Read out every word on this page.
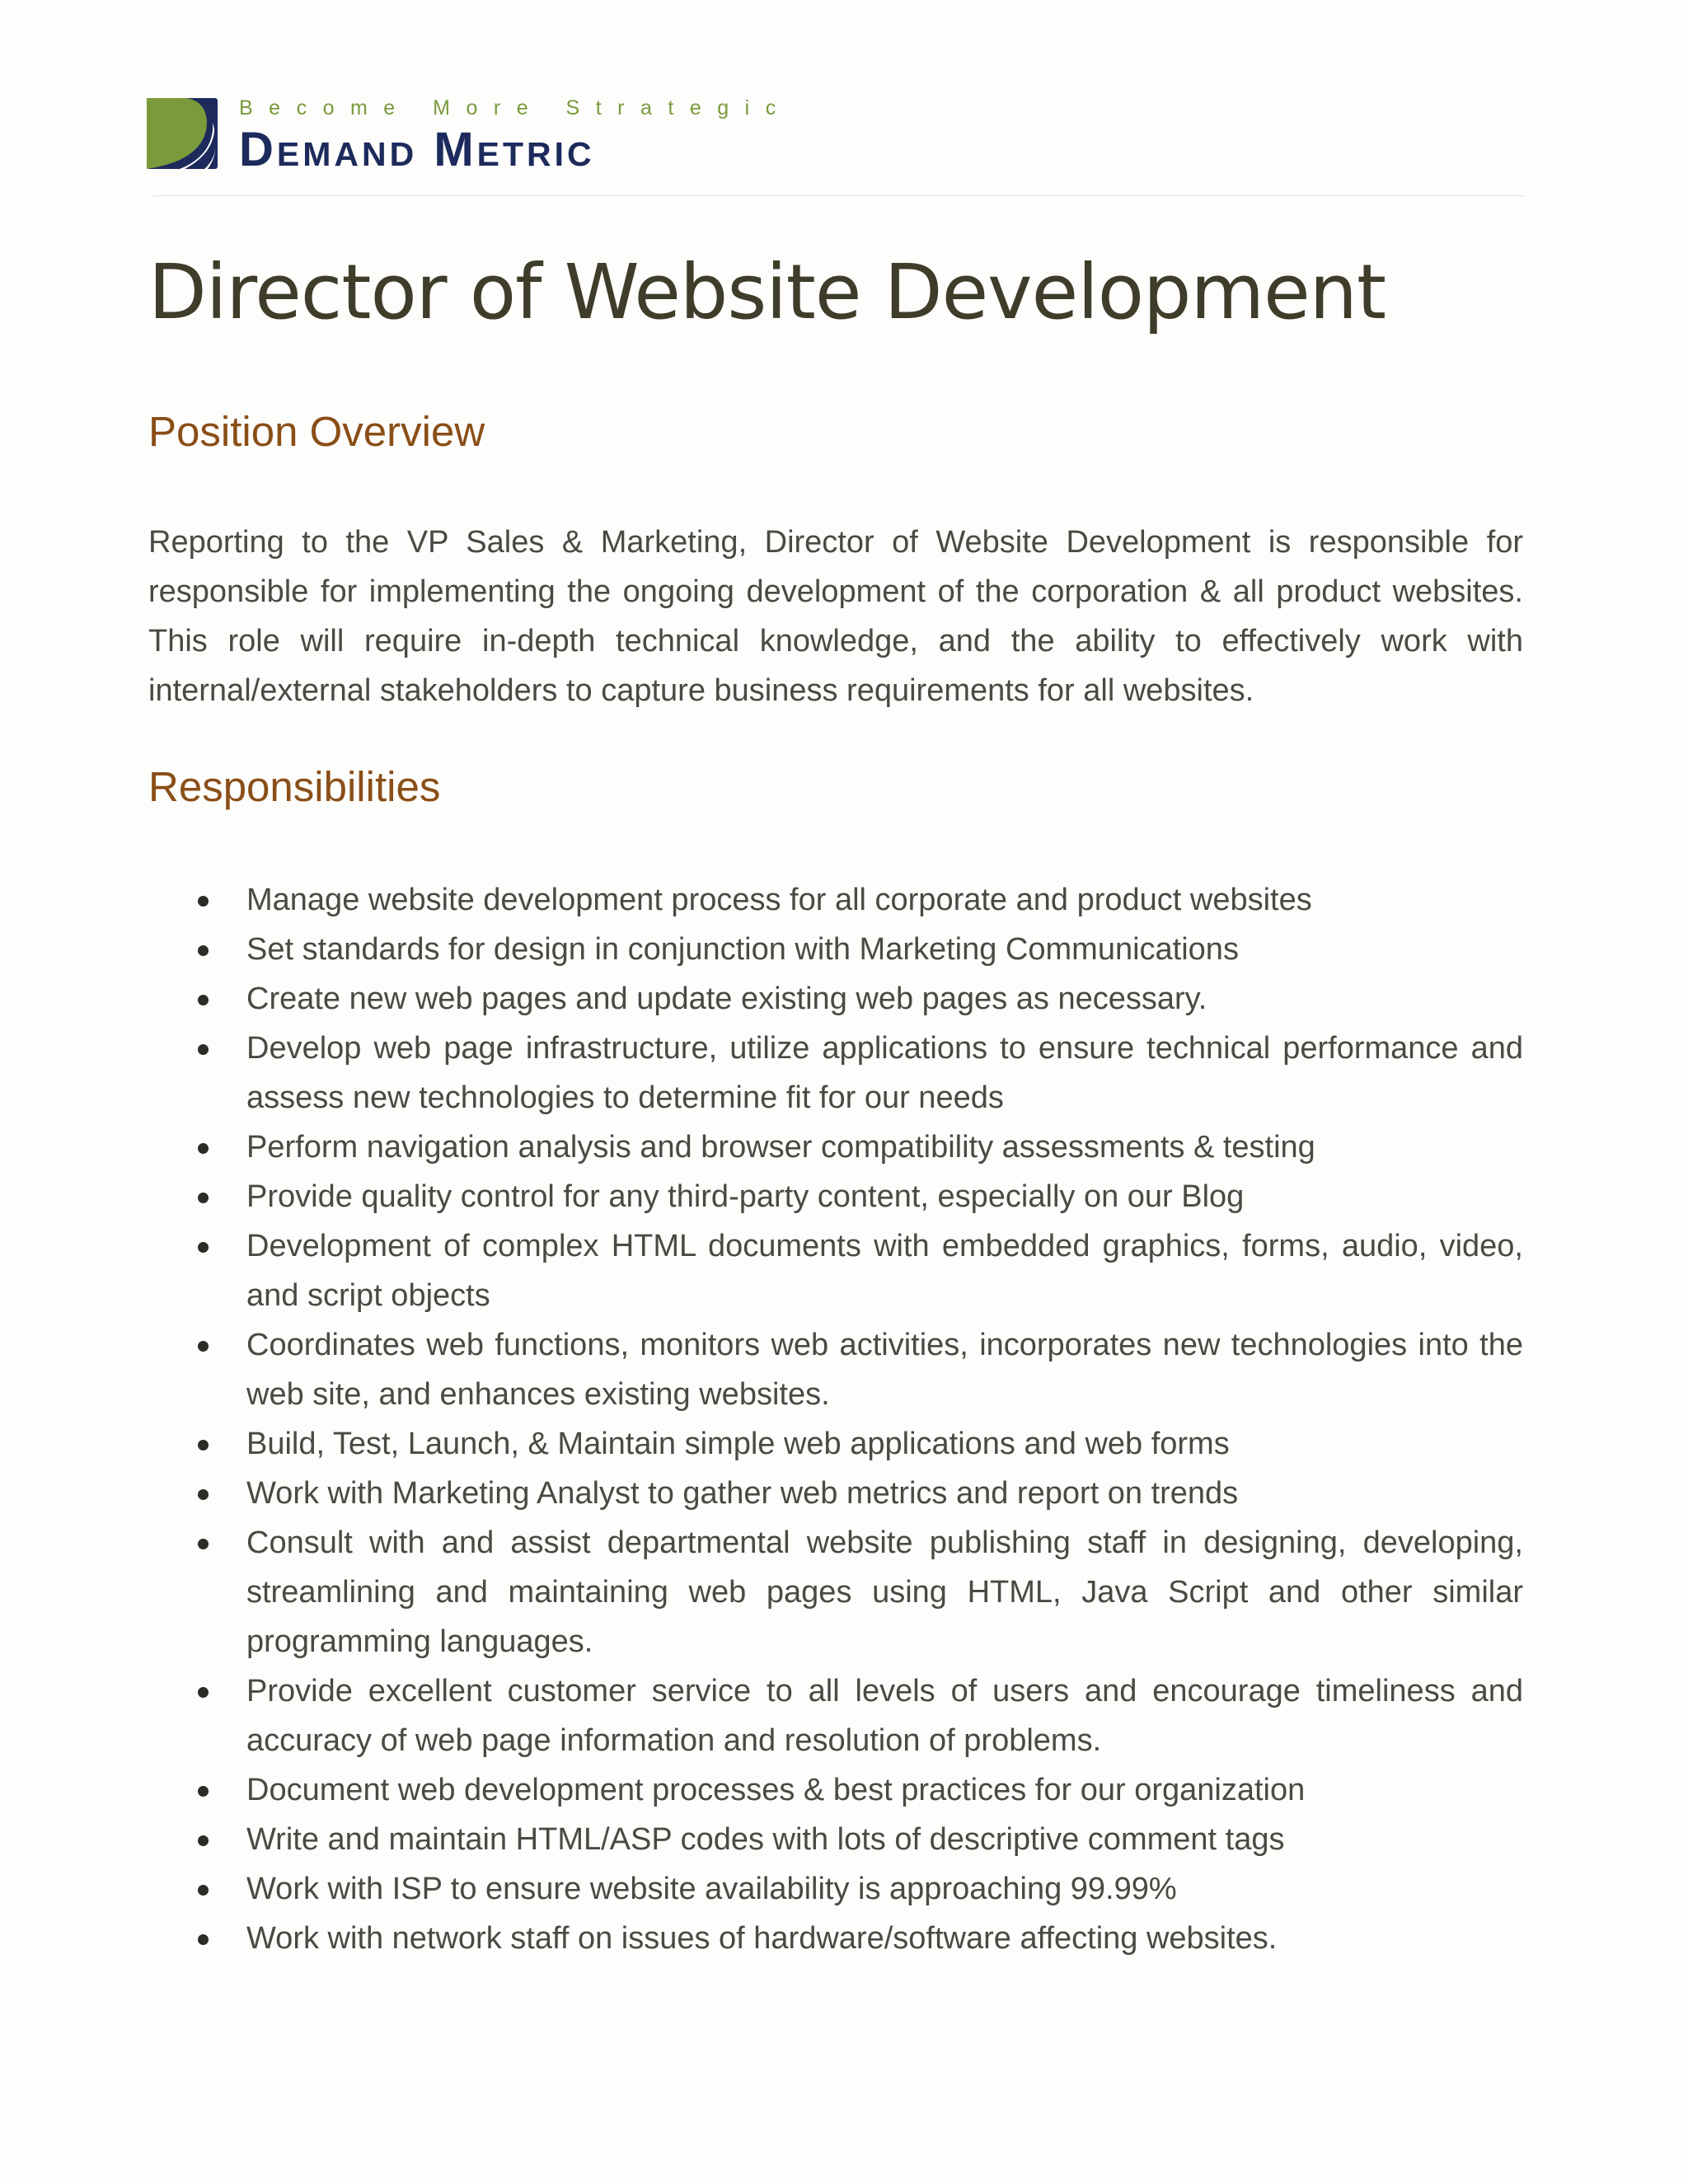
Become More Strategic
Demand Metric
Director of Website Development
Position Overview

Reporting to the VP Sales & Marketing, Director of Website Development is responsible for responsible for implementing the ongoing development of the corporation & all product websites. This role will require in-depth technical knowledge, and the ability to effectively work with internal/external stakeholders to capture business requirements for all websites.

Responsibilities
Manage website development process for all corporate and product websites
Set standards for design in conjunction with Marketing Communications
Create new web pages and update existing web pages as necessary.
Develop web page infrastructure, utilize applications to ensure technical performance and assess new technologies to determine fit for our needs
Perform navigation analysis and browser compatibility assessments & testing
Provide quality control for any third-party content, especially on our Blog
Development of complex HTML documents with embedded graphics, forms, audio, video, and script objects
Coordinates web functions, monitors web activities, incorporates new technologies into the web site, and enhances existing websites.
Build, Test, Launch, & Maintain simple web applications and web forms
Work with Marketing Analyst to gather web metrics and report on trends
Consult with and assist departmental website publishing staff in designing, developing, streamlining and maintaining web pages using HTML, Java Script and other similar programming languages.
Provide excellent customer service to all levels of users and encourage timeliness and accuracy of web page information and resolution of problems.
Document web development processes & best practices for our organization
Write and maintain HTML/ASP codes with lots of descriptive comment tags
Work with ISP to ensure website availability is approaching 99.99%
Work with network staff on issues of hardware/software affecting websites.
